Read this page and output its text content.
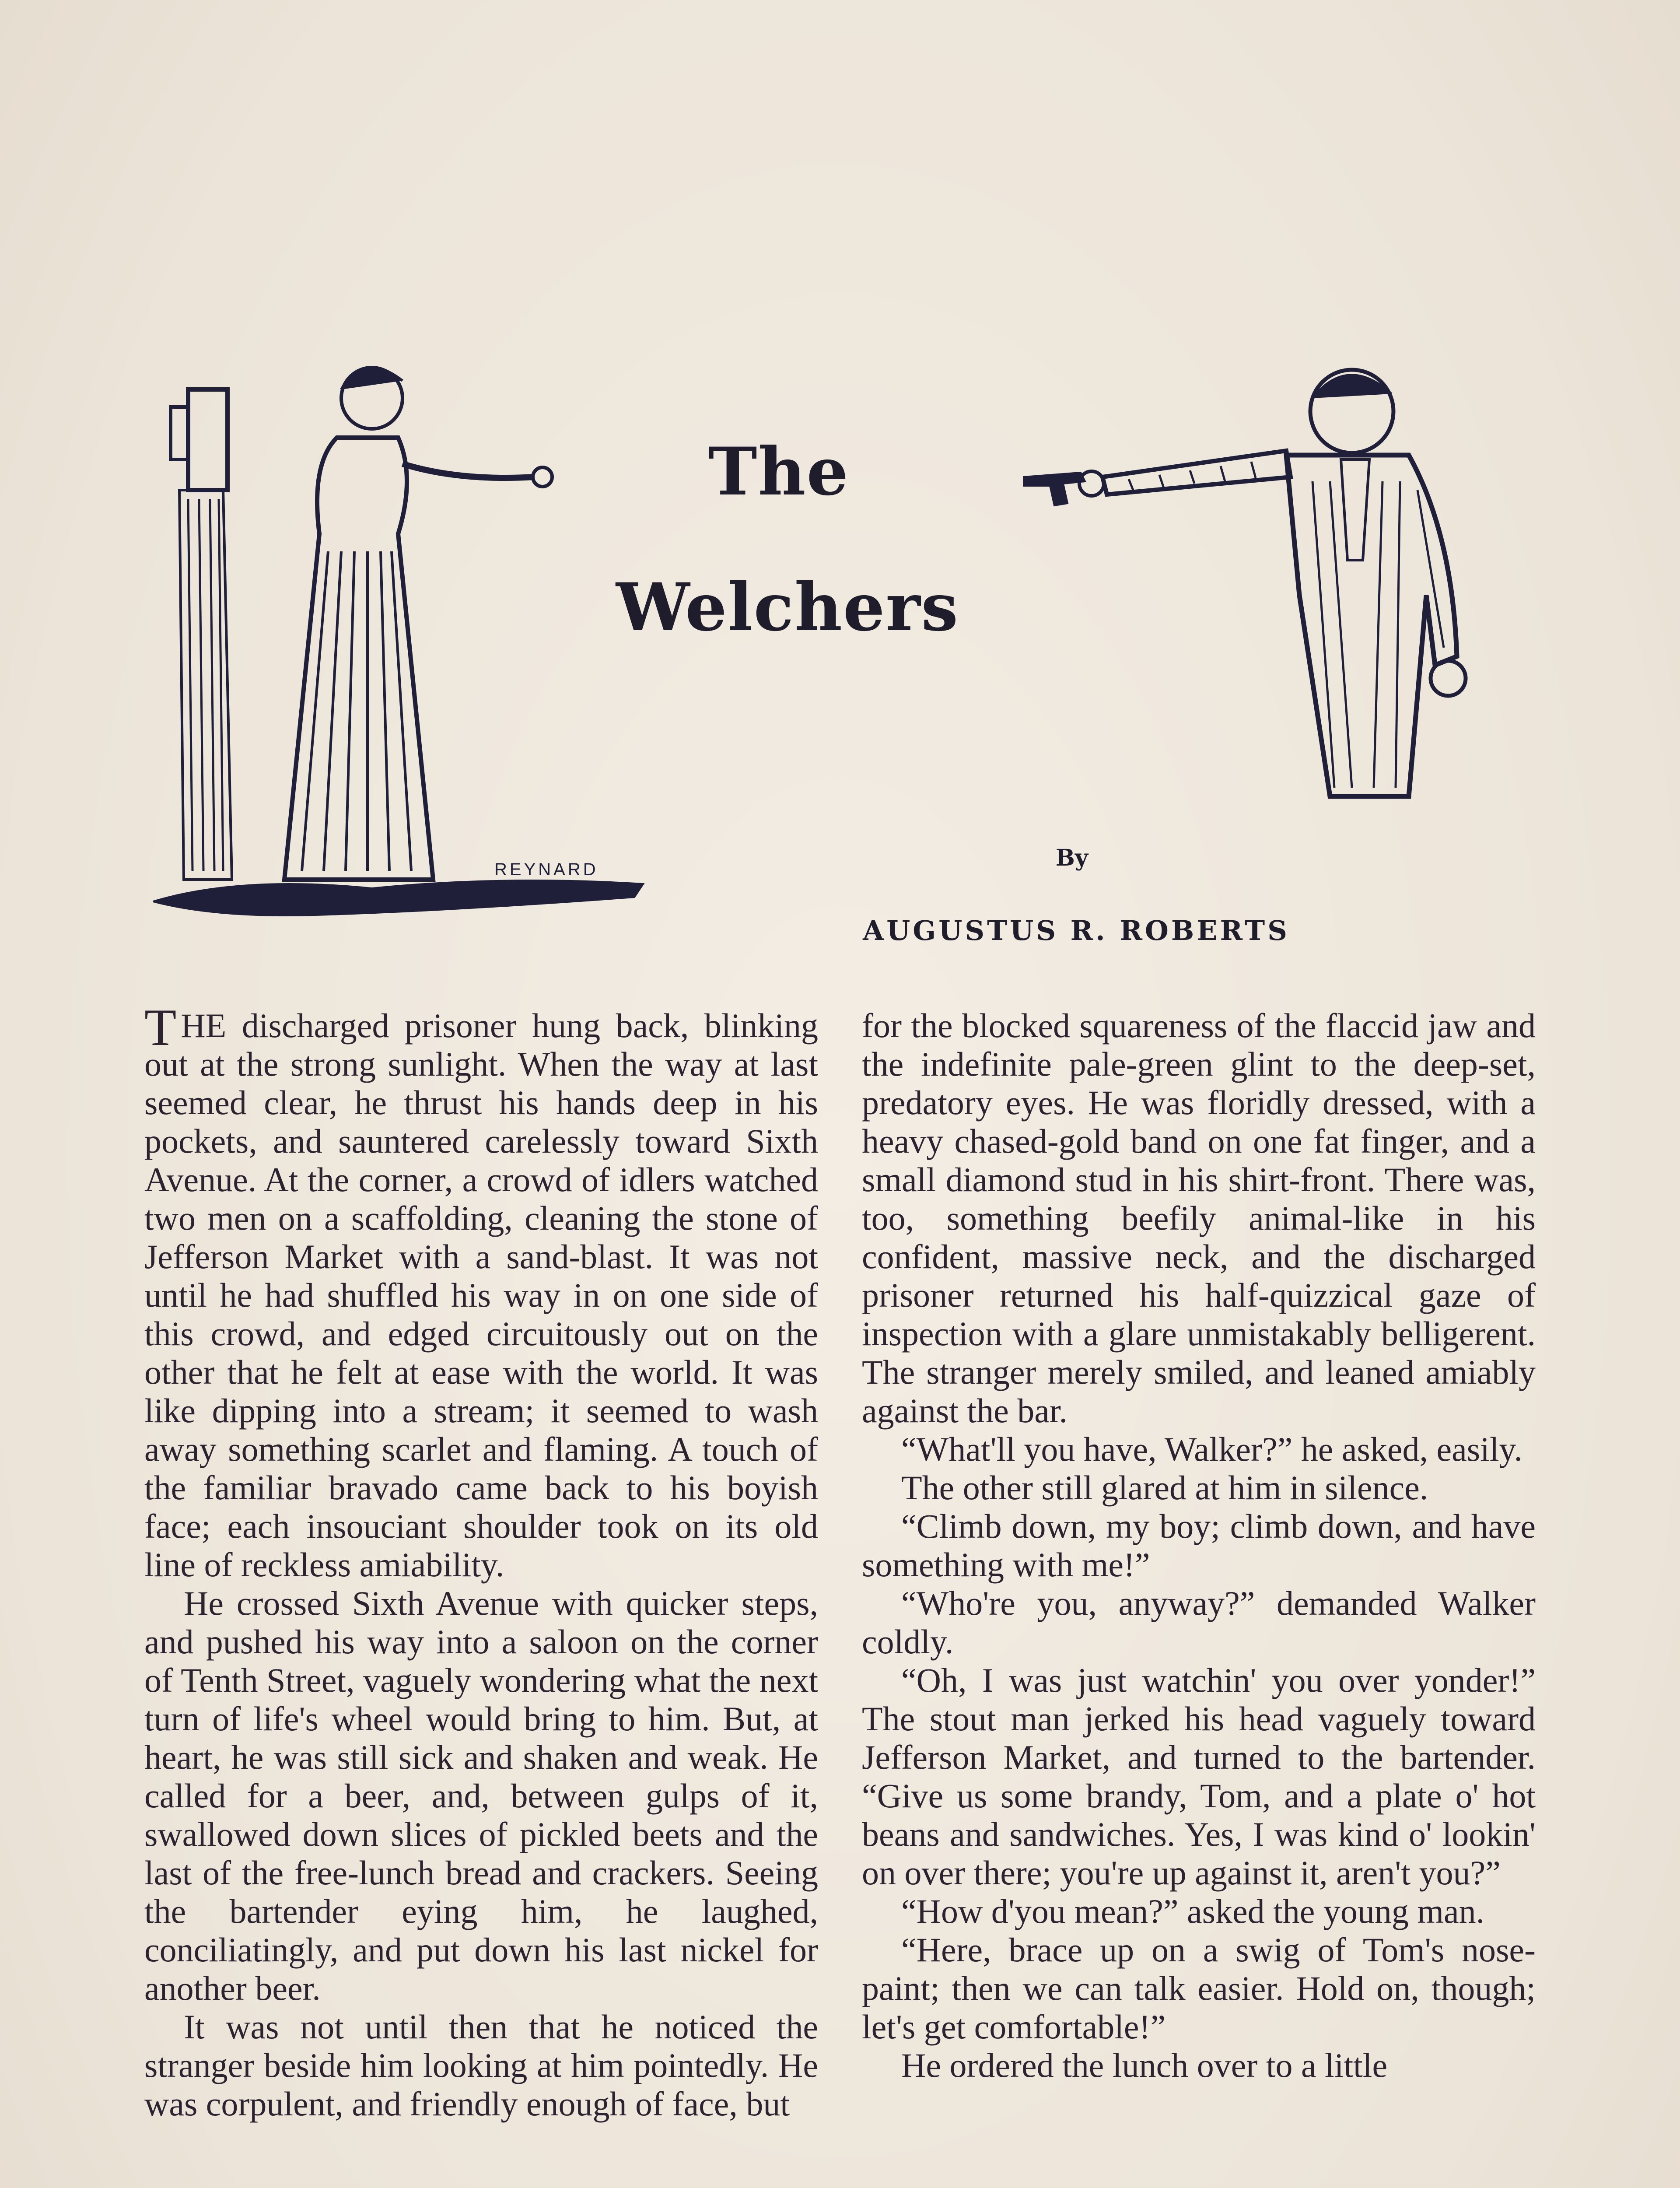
REYNARD
The
Welchers
By
AUGUSTUS R. ROBERTS

THE discharged prisoner hung back, blinking out at the strong sunlight. When the way at last seemed clear, he thrust his hands deep in his pockets, and sauntered carelessly toward Sixth Avenue. At the corner, a crowd of idlers watched two men on a scaffolding, cleaning the stone of Jefferson Market with a sand-blast. It was not until he had shuffled his way in on one side of this crowd, and edged circuitously out on the other that he felt at ease with the world. It was like dipping into a stream; it seemed to wash away something scarlet and flaming. A touch of the familiar bravado came back to his boyish face; each insouciant shoulder took on its old line of reckless amiability.

He crossed Sixth Avenue with quicker steps, and pushed his way into a saloon on the corner of Tenth Street, vaguely wondering what the next turn of life's wheel would bring to him. But, at heart, he was still sick and shaken and weak. He called for a beer, and, between gulps of it, swallowed down slices of pickled beets and the last of the free-lunch bread and crackers. Seeing the bartender eying him, he laughed, conciliatingly, and put down his last nickel for another beer.

It was not until then that he noticed the stranger beside him looking at him pointedly. He was corpulent, and friendly enough of face, but

for the blocked squareness of the flaccid jaw and the indefinite pale-green glint to the deep-set, predatory eyes. He was floridly dressed, with a heavy chased-gold band on one fat finger, and a small diamond stud in his shirt-front. There was, too, something beefily animal-like in his confident, massive neck, and the discharged prisoner returned his half-quizzical gaze of inspection with a glare unmistakably belligerent. The stranger merely smiled, and leaned amiably against the bar.

“What'll you have, Walker?” he asked, easily.

The other still glared at him in silence.

“Climb down, my boy; climb down, and have something with me!”

“Who're you, anyway?” demanded Walker coldly.

“Oh, I was just watchin' you over yonder!” The stout man jerked his head vaguely toward Jefferson Market, and turned to the bartender. “Give us some brandy, Tom, and a plate o' hot beans and sandwiches. Yes, I was kind o' lookin' on over there; you're up against it, aren't you?”

“How d'you mean?” asked the young man.

“Here, brace up on a swig of Tom's nose-paint; then we can talk easier. Hold on, though; let's get comfortable!”

He ordered the lunch over to a little
